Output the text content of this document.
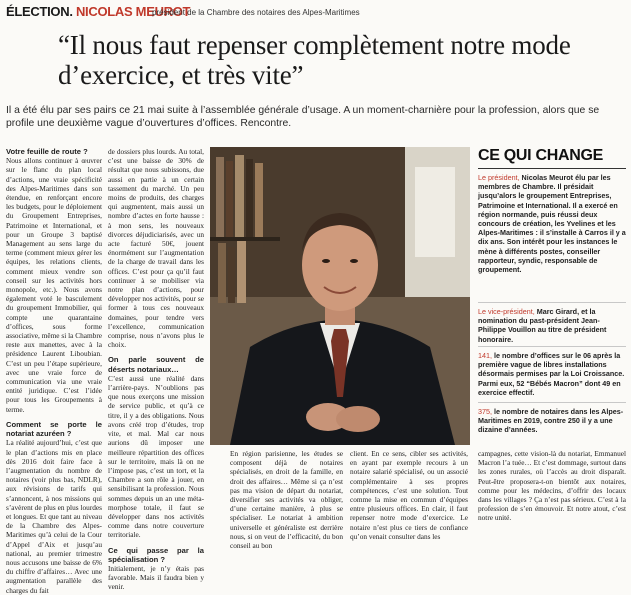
ÉLECTION. NICOLAS MEUROT
président de la Chambre des notaires des Alpes-Maritimes
“Il nous faut repenser complètement notre mode d’exercice, et très vite”
Il a été élu par ses pairs ce 21 mai suite à l’assemblée générale d’usage. A un moment-charnière pour la profession, alors que se profile une deuxième vague d’ouvertures d’offices. Rencontre.

Votre feuille de route ?

Nous allons continuer à œuvrer sur le flanc du plan local d’actions, une vraie spécificité des Alpes-Maritimes dans son étendue, en renforçant encore les budgets, pour le déploiement du Groupement Entreprises, Patrimoine et International, et pour un Groupe 3 baptisé Management au sens large du terme (comment mieux gérer les équipes, les relations clients, comment mieux vendre son conseil sur les activités hors monopole, etc.). Nous avons également voté le basculement du groupement Immobilier, qui compte une quarantaine d’offices, sous forme associative, même si la Chambre reste aux manettes, avec à la présidence Laurent Liboubian. C’est un peu l’étape supérieure, avec une vraie force de communication via une vraie entité juridique. C’est l’idée pour tous les Groupements à terme.

Comment se porte le notariat azuréen ?

La réalité aujourd’hui, c’est que le plan d’actions mis en place dès 2016 doit faire face à l’augmentation du nombre de notaires (voir plus bas, NDLR), aux révisions de tarifs qui s’annoncent, à nos missions qui s’avèrent de plus en plus lourdes et longues. Et que tant au niveau de la Chambre des Alpes-Maritimes qu’à celui de la Cour d’Appel d’Aix et jusqu’au national, au premier trimestre nous accusons une baisse de 6% du chiffre d’affaires… Avec une augmentation parallèle des charges du fait

de dossiers plus lourds. Au total, c’est une baisse de 30% de résultat que nous subissons, due aussi en partie à un certain tassement du marché. Un peu moins de produits, des charges qui augmentent, mais aussi un nombre d’actes en forte hausse : à mon sens, les nouveaux divorces déjudiciarisés, avec un acte facturé 50€, jouent énormément sur l’augmentation de la charge de travail dans les offices. C’est pour ça qu’il faut continuer à se mobiliser via notre plan d’actions, pour développer nos activités, pour se former à tous ces nouveaux domaines, pour tendre vers l’excellence, communication comprise, nous n’avons plus le choix.

On parle souvent de déserts notariaux…

C’est aussi une réalité dans l’arrière-pays. N’oublions pas que nous exerçons une mission de service public, et qu’à ce titre, il y a des obligations. Nous avons créé trop d’études, trop vite, et mal. Mal car nous aurions dû imposer une meilleure répartition des offices sur le territoire, mais là on ne l’impose pas, c’est un tort, et la Chambre a son rôle à jouer, en sensibilisant la profession. Nous sommes depuis un an une méta-morphose totale, il faut se développer dans nos activités comme dans notre couverture territoriale.

Ce qui passe par la spécialisation ?

Initialement, je n’y étais pas favorable. Mais il faudra bien y venir.

En région parisienne, les études se composent déjà de notaires spécialisés, en droit de la famille, en droit des affaires… Même si ça n’est pas ma vision de départ du notariat, diversifier ses activités va obliger, d’une certaine manière, à plus se spécialiser. Le notariat à ambition universelle et généraliste est derrière nous, si on veut de l’efficacité, du bon conseil au bon

client. En ce sens, cibler ses activités, en ayant par exemple recours à un notaire salarié spécialisé, ou un associé complémentaire à ses propres compétences, c’est une solution. Tout comme la mise en commun d’équipes entre plusieurs offices. En clair, il faut repenser notre mode d’exercice. Le notaire n’est plus ce tiers de confiance qu’on venait consulter dans les

campagnes, cette vision-là du notariat, Emmanuel Macron l’a tuée… Et c’est dommage, surtout dans les zones rurales, où l’accès au droit disparaît. Peut-être proposera-t-on bientôt aux notaires, comme pour les médecins, d’offrir des locaux dans les villages ? Ça n’est pas sérieux. C’est à la profession de s’en émouvoir. Et notre atout, c’est notre unité.

CE QUI CHANGE

Le président, Nicolas Meurot élu par les membres de Chambre. Il présidait jusqu’alors le groupement Entreprises, Patrimoine et International. Il a exercé en région normande, puis réussi deux concours de création, les Yvelines et les Alpes-Maritimes : il s’installe à Carros il y a dix ans. Son intérêt pour les instances le mène à différents postes, conseiller rapporteur, syndic, responsable de groupement.

Le vice-président, Marc Girard, et la nomination du past-président Jean-Philippe Vouillon au titre de président honoraire.

141, le nombre d’offices sur le 06 après la première vague de libres installations désormais permises par la Loi Croissance. Parmi eux, 52 “Bébés Macron” dont 49 en exercice effectif.

375, le nombre de notaires dans les Alpes-Maritimes en 2019, contre 250 il y a une dizaine d’années.
